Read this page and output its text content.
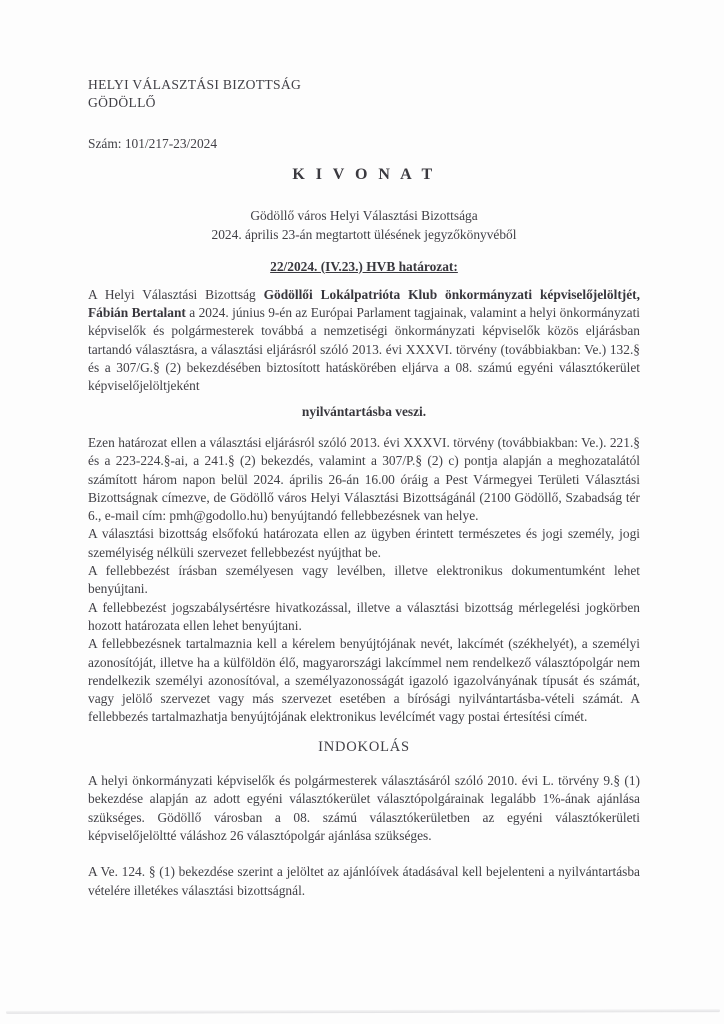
HELYI VÁLASZTÁSI BIZOTTSÁG

GÖDÖLLŐ

Szám: 101/217-23/2024

K I V O N A T

Gödöllő város Helyi Választási Bizottsága

2024. április 23-án megtartott ülésének jegyzőkönyvéből

22/2024. (IV.23.) HVB határozat:

A Helyi Választási Bizottság Gödöllői Lokálpatrióta Klub önkormányzati képviselőjelöltjét, Fábián Bertalant a 2024. június 9-én az Európai Parlament tagjainak, valamint a helyi önkormányzati képviselők és polgármesterek továbbá a nemzetiségi önkormányzati képviselők közös eljárásban tartandó választásra, a választási eljárásról szóló 2013. évi XXXVI. törvény (továbbiakban: Ve.) 132.§ és a 307/G.§ (2) bekezdésében biztosított hatáskörében eljárva a 08. számú egyéni választókerület képviselőjelöltjeként

nyilvántartásba veszi.

Ezen határozat ellen a választási eljárásról szóló 2013. évi XXXVI. törvény (továbbiakban: Ve.). 221.§ és a 223-224.§-ai, a 241.§ (2) bekezdés, valamint a 307/P.§ (2) c) pontja alapján a meghozatalától számított három napon belül 2024. április 26-án 16.00 óráig a Pest Vármegyei Területi Választási Bizottságnak címezve, de Gödöllő város Helyi Választási Bizottságánál (2100 Gödöllő, Szabadság tér 6., e-mail cím: pmh@godollo.hu) benyújtandó fellebbezésnek van helye.

A választási bizottság elsőfokú határozata ellen az ügyben érintett természetes és jogi személy, jogi személyiség nélküli szervezet fellebbezést nyújthat be.

A fellebbezést írásban személyesen vagy levélben, illetve elektronikus dokumentumként lehet benyújtani.

A fellebbezést jogszabálysértésre hivatkozással, illetve a választási bizottság mérlegelési jogkörben hozott határozata ellen lehet benyújtani.

A fellebbezésnek tartalmaznia kell a kérelem benyújtójának nevét, lakcímét (székhelyét), a személyi azonosítóját, illetve ha a külföldön élő, magyarországi lakcímmel nem rendelkező választópolgár nem rendelkezik személyi azonosítóval, a személyazonosságát igazoló igazolványának típusát és számát, vagy jelölő szervezet vagy más szervezet esetében a bírósági nyilvántartásba-vételi számát. A fellebbezés tartalmazhatja benyújtójának elektronikus levélcímét vagy postai értesítési címét.

INDOKOLÁS

A helyi önkormányzati képviselők és polgármesterek választásáról szóló 2010. évi L. törvény 9.§ (1) bekezdése alapján az adott egyéni választókerület választópolgárainak legalább 1%-ának ajánlása szükséges. Gödöllő városban a 08. számú választókerületben az egyéni választókerületi képviselőjelöltté váláshoz 26 választópolgár ajánlása szükséges.

A Ve. 124. § (1) bekezdése szerint a jelöltet az ajánlóívek átadásával kell bejelenteni a nyilvántartásba vételére illetékes választási bizottságnál.
